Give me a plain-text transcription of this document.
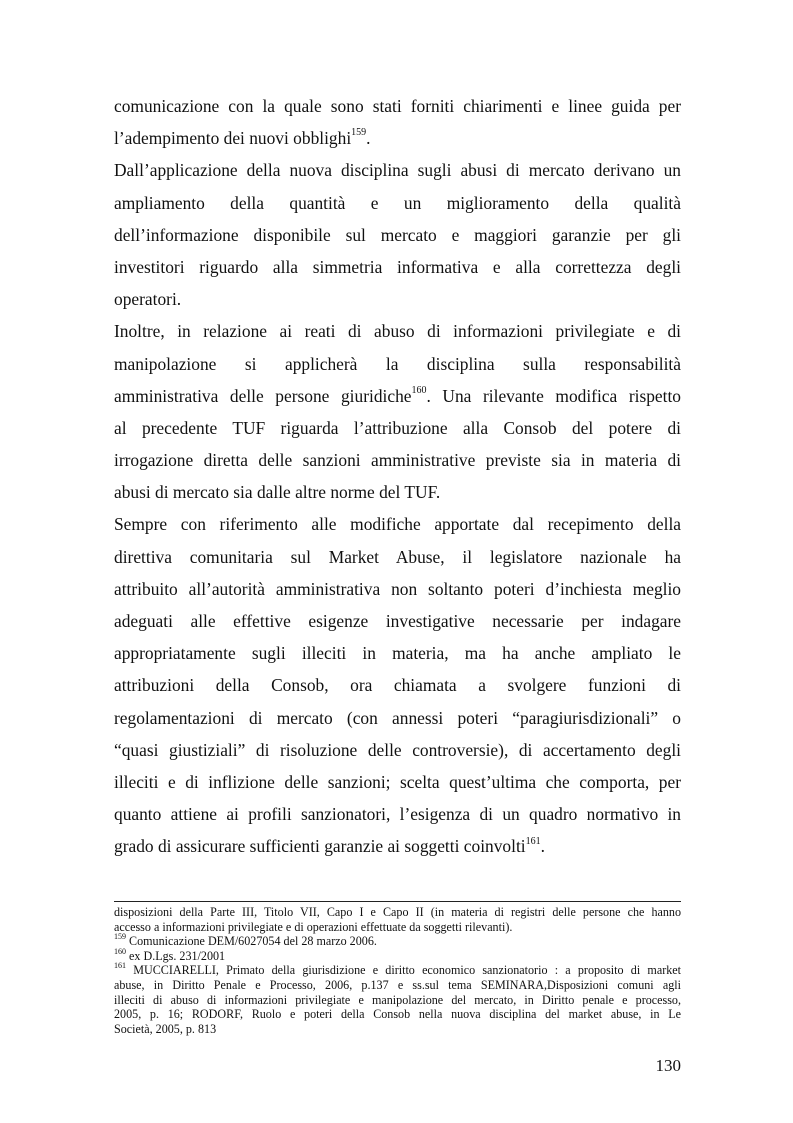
comunicazione con la quale sono stati forniti chiarimenti e linee guida per
l’adempimento dei nuovi obblighi$^{159}$.
Dall’applicazione della nuova disciplina sugli abusi di mercato derivano un
ampliamento della quantità e un miglioramento della qualità
dell’informazione disponibile sul mercato e maggiori garanzie per gli
investitori riguardo alla simmetria informativa e alla correttezza degli
operatori.
Inoltre, in relazione ai reati di abuso di informazioni privilegiate e di
manipolazione si applicherà la disciplina sulla responsabilità
amministrativa delle persone giuridiche$^{160}$. Una rilevante modifica rispetto
al precedente TUF riguarda l’attribuzione alla Consob del potere di
irrogazione diretta delle sanzioni amministrative previste sia in materia di
abusi di mercato sia dalle altre norme del TUF.
Sempre con riferimento alle modifiche apportate dal recepimento della
direttiva comunitaria sul Market Abuse, il legislatore nazionale ha
attribuito all’autorità amministrativa non soltanto poteri d’inchiesta meglio
adeguati alle effettive esigenze investigative necessarie per indagare
appropriatamente sugli illeciti in materia, ma ha anche ampliato le
attribuzioni della Consob, ora chiamata a svolgere funzioni di
regolamentazioni di mercato (con annessi poteri “paragiurisdizionali” o
“quasi giustiziali” di risoluzione delle controversie), di accertamento degli
illeciti e di inflizione delle sanzioni; scelta quest’ultima che comporta, per
quanto attiene ai profili sanzionatori, l’esigenza di un quadro normativo in
grado di assicurare sufficienti garanzie ai soggetti coinvolti$^{161}$.
disposizioni della Parte III, Titolo VII, Capo I e Capo II (in materia di registri delle persone che hanno
accesso a informazioni privilegiate e di operazioni effettuate da soggetti rilevanti).
$^{159}$ Comunicazione DEM/6027054 del 28 marzo 2006.
$^{160}$ ex D.Lgs. 231/2001
$^{161}$ MUCCIARELLI, Primato della giurisdizione e diritto economico sanzionatorio : a proposito di market
abuse, in Diritto Penale e Processo, 2006, p.137 e ss.sul tema SEMINARA,Disposizioni comuni agli
illeciti di abuso di informazioni privilegiate e manipolazione del mercato, in Diritto penale e processo,
2005, p. 16; RODORF, Ruolo e poteri della Consob nella nuova disciplina del market abuse, in Le
Società, 2005, p. 813
130
